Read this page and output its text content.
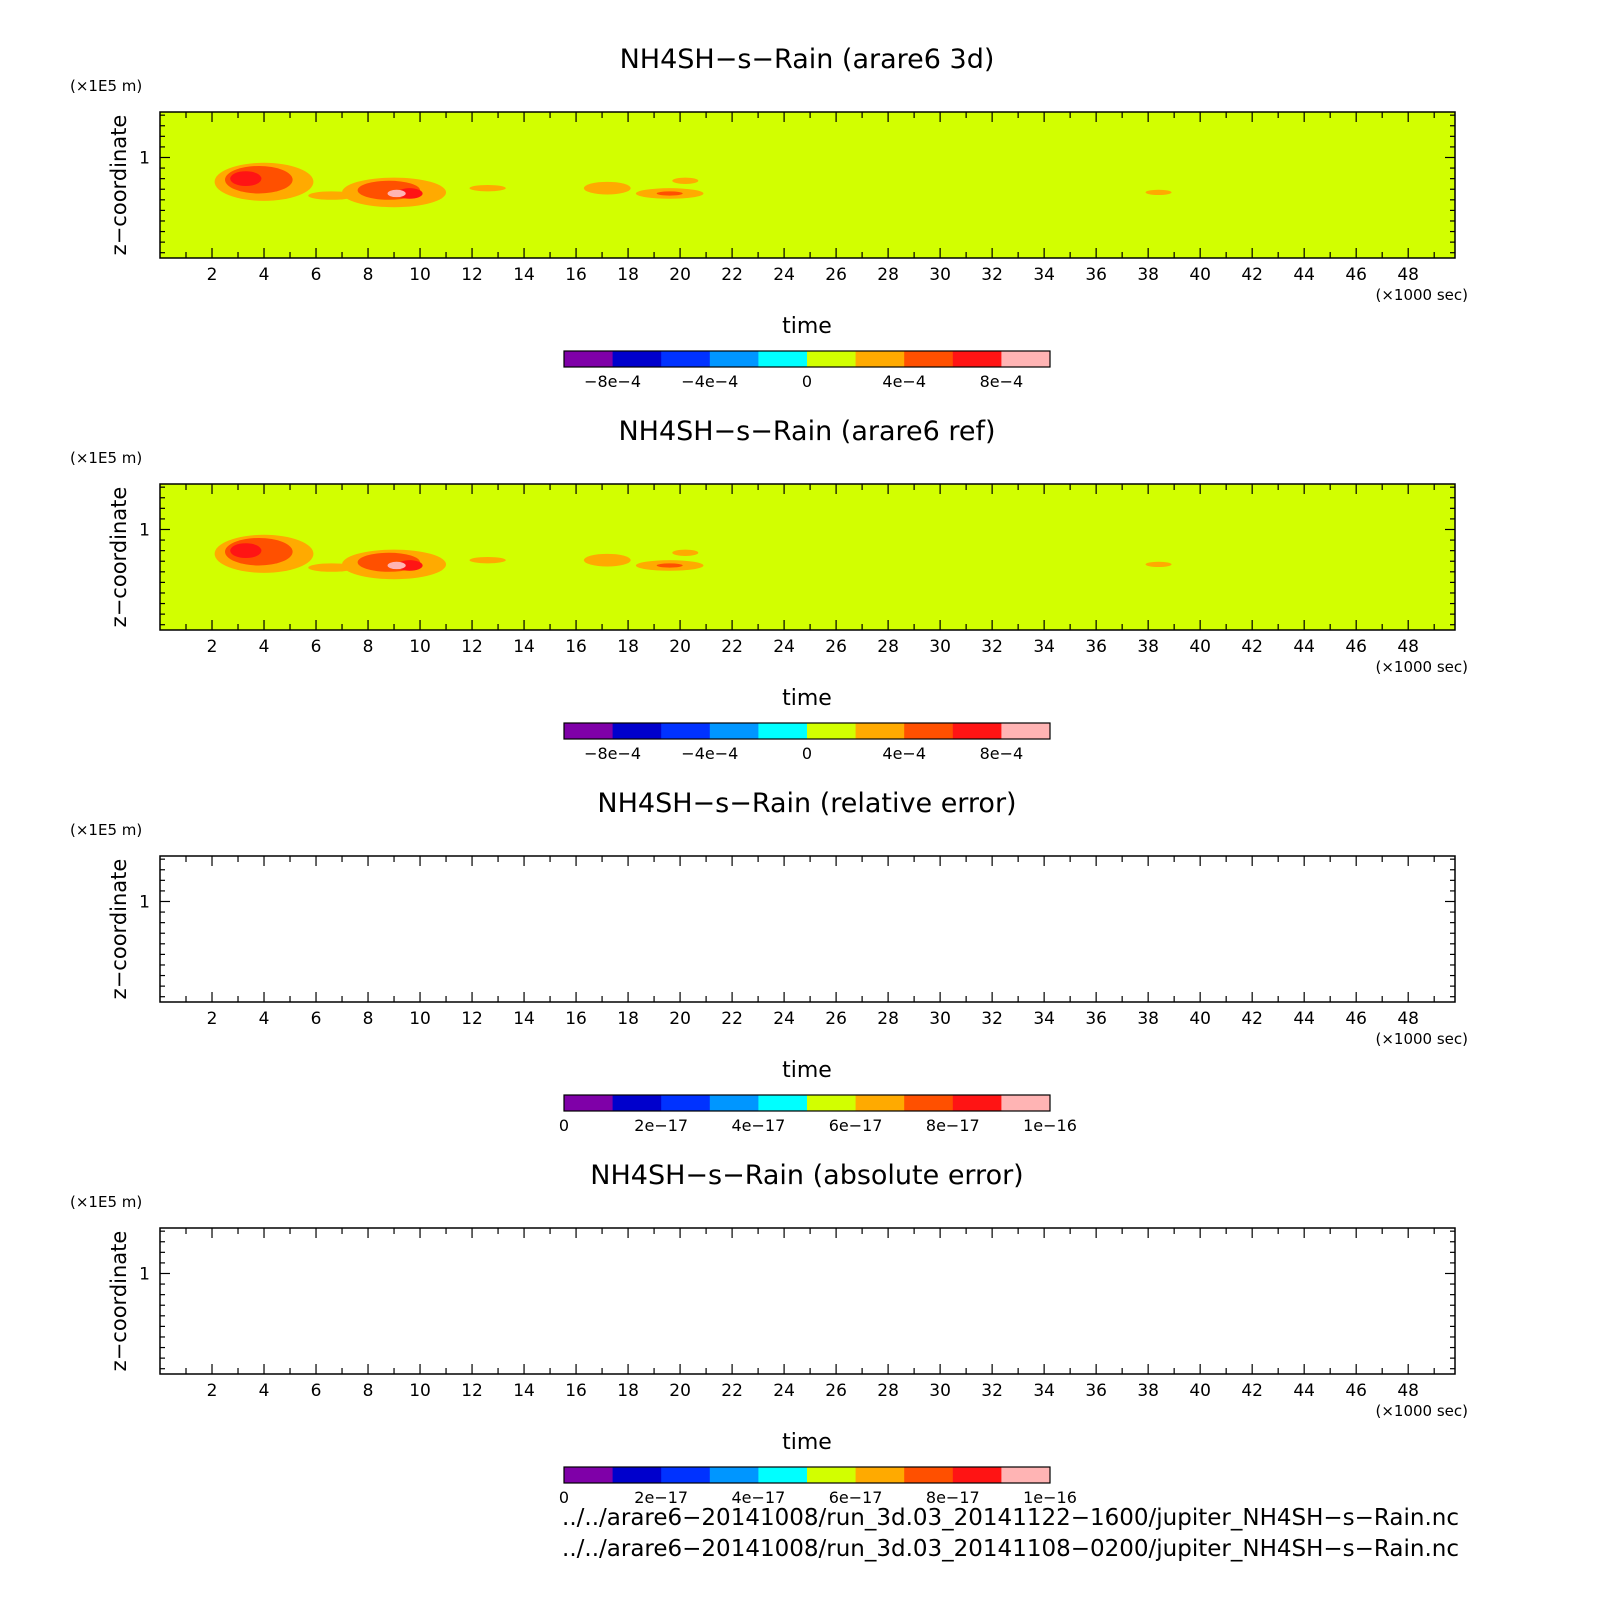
NH4SH−s−Rain (arare6 3d)
(×1E5 m)
z−coordinate
2 4 6 8 10 12 14 16 18 20 22 24 26 28 30 32 34 36 38 40 42 44 46 48
1
(×1000 sec)
time
−8e−4	−4e−4	0	4e−4	8e−4
NH4SH−s−Rain (arare6 ref)
(×1E5 m)
z−coordinate
2 4 6 8 10 12 14 16 18 20 22 24 26 28 30 32 34 36 38 40 42 44 46 48
1
(×1000 sec)
time
−8e−4	−4e−4	0	4e−4	8e−4
NH4SH−s−Rain (relative error)
(×1E5 m)
z−coordinate
2 4 6 8 10 12 14 16 18 20 22 24 26 28 30 32 34 36 38 40 42 44 46 48
1
(×1000 sec)
time
0	2e−17	4e−17	6e−17	8e−17	1e−16
NH4SH−s−Rain (absolute error)
(×1E5 m)
z−coordinate
2 4 6 8 10 12 14 16 18 20 22 24 26 28 30 32 34 36 38 40 42 44 46 48
1
(×1000 sec)
time
0	2e−17	4e−17	6e−17	8e−17	1e−16
../../arare6−20141008/run_3d.03_20141122−1600/jupiter_NH4SH−s−Rain.nc
../../arare6−20141008/run_3d.03_20141108−0200/jupiter_NH4SH−s−Rain.nc
